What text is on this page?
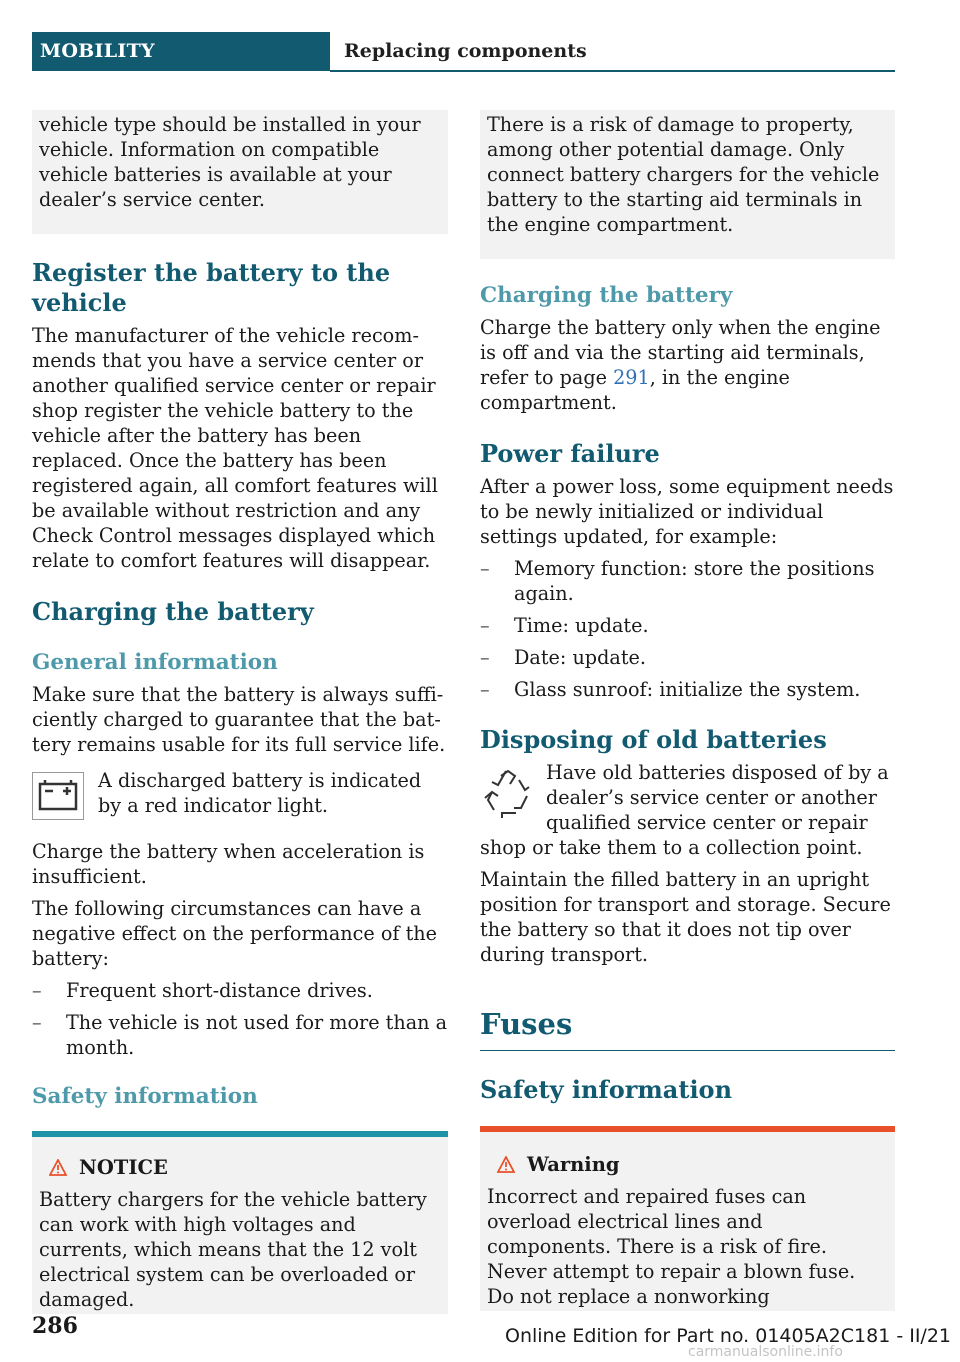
MOBILITY	Replacing components

vehicle type should be installed in your vehicle. Information on compatible vehicle batteries is available at your dealer’s service center.

Register the battery to the vehicle

The manufacturer of the vehicle recommends that you have a service center or another qualified service center or repair shop register the vehicle battery to the vehicle after the battery has been replaced. Once the battery has been registered again, all comfort features will be available without restriction and any Check Control messages displayed which relate to comfort features will disappear.

Charging the battery
General information

Make sure that the battery is always sufficiently charged to guarantee that the battery remains usable for its full service life.

A discharged battery is indicated by a red indicator light.

Charge the battery when acceleration is insufficient.

The following circumstances can have a negative effect on the performance of the battery:

– Frequent short-distance drives.
– The vehicle is not used for more than a month.
Safety information
NOTICE

Battery chargers for the vehicle battery can work with high voltages and currents, which means that the 12 volt electrical system can be overloaded or damaged.

There is a risk of damage to property, among other potential damage. Only connect battery chargers for the vehicle battery to the starting aid terminals in the engine compartment.

Charging the battery

Charge the battery only when the engine is off and via the starting aid terminals, refer to page 291, in the engine compartment.

Power failure

After a power loss, some equipment needs to be newly initialized or individual settings updated, for example:

– Memory function: store the positions again.
– Time: update.
– Date: update.
– Glass sunroof: initialize the system.
Disposing of old batteries

Have old batteries disposed of by a dealer’s service center or another qualified service center or repair shop or take them to a collection point.

Maintain the filled battery in an upright position for transport and storage. Secure the battery so that it does not tip over during transport.

Fuses
Safety information
Warning

Incorrect and repaired fuses can overload electrical lines and components. There is a risk of fire. Never attempt to repair a blown fuse. Do not replace a nonworking

286	Online Edition for Part no. 01405A2C181 - II/21
carmanualsonline.info
